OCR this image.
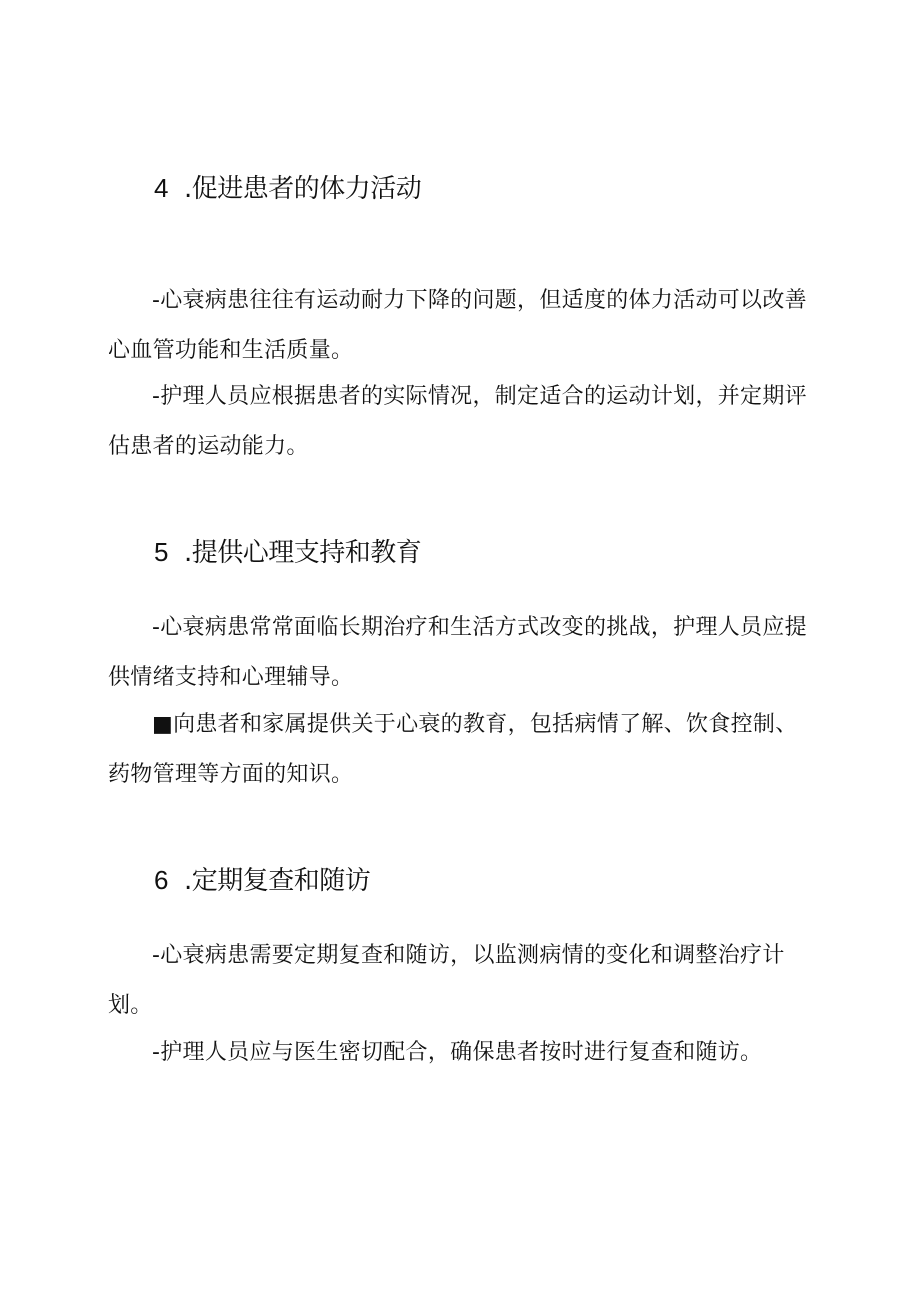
4 .促进患者的体力活动

-心衰病患往往有运动耐力下降的问题，但适度的体力活动可以改善心血管功能和生活质量。

-护理人员应根据患者的实际情况，制定适合的运动计划，并定期评估患者的运动能力。

5 .提供心理支持和教育

-心衰病患常常面临长期治疗和生活方式改变的挑战，护理人员应提供情绪支持和心理辅导。

■向患者和家属提供关于心衰的教育，包括病情了解、饮食控制、药物管理等方面的知识。

6 .定期复查和随访

-心衰病患需要定期复查和随访，以监测病情的变化和调整治疗计划。

-护理人员应与医生密切配合，确保患者按时进行复查和随访。
